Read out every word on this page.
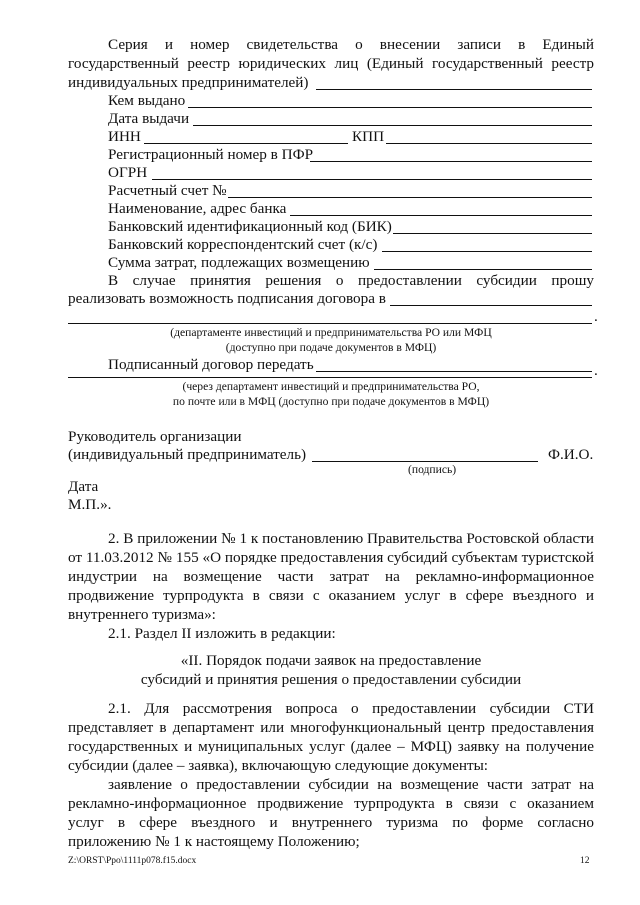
Серия и номер свидетельства о внесении записи в Единый
государственный реестр юридических лиц (Единый государственный реестр
индивидуальных предпринимателей)
Кем выдано
Дата выдачи
ИНН	КПП
Регистрационный номер в ПФР
ОГРН
Расчетный счет №
Наименование, адрес банка
Банковский идентификационный код (БИК)
Банковский корреспондентский счет (к/с)
Сумма затрат, подлежащих возмещению
В случае принятия решения о предоставлении субсидии прошу
реализовать возможность подписания договора в
.
(департаменте инвестиций и предпринимательства РО или МФЦ
(доступно при подаче документов в МФЦ)
Подписанный договор передать	.
(через департамент инвестиций и предпринимательства РО,
по почте или в МФЦ (доступно при подаче документов в МФЦ)
Руководитель организации
(индивидуальный предприниматель)	Ф.И.О.
(подпись)
Дата
М.П.».
2. В приложении № 1 к постановлению Правительства Ростовской области
от 11.03.2012 № 155 «О порядке предоставления субсидий субъектам туристской
индустрии на возмещение части затрат на рекламно-информационное
продвижение турпродукта в связи с оказанием услуг в сфере въездного и
внутреннего туризма»:
2.1. Раздел II изложить в редакции:
«II. Порядок подачи заявок на предоставление
субсидий и принятия решения о предоставлении субсидии
2.1. Для рассмотрения вопроса о предоставлении субсидии СТИ
представляет в департамент или многофункциональный центр предоставления
государственных и муниципальных услуг (далее – МФЦ) заявку на получение
субсидии (далее – заявка), включающую следующие документы:
заявление о предоставлении субсидии на возмещение части затрат на
рекламно-информационное продвижение турпродукта в связи с оказанием
услуг в сфере въездного и внутреннего туризма по форме согласно
приложению № 1 к настоящему Положению;
Z:\ORST\Ppo\1111p078.f15.docx	12
